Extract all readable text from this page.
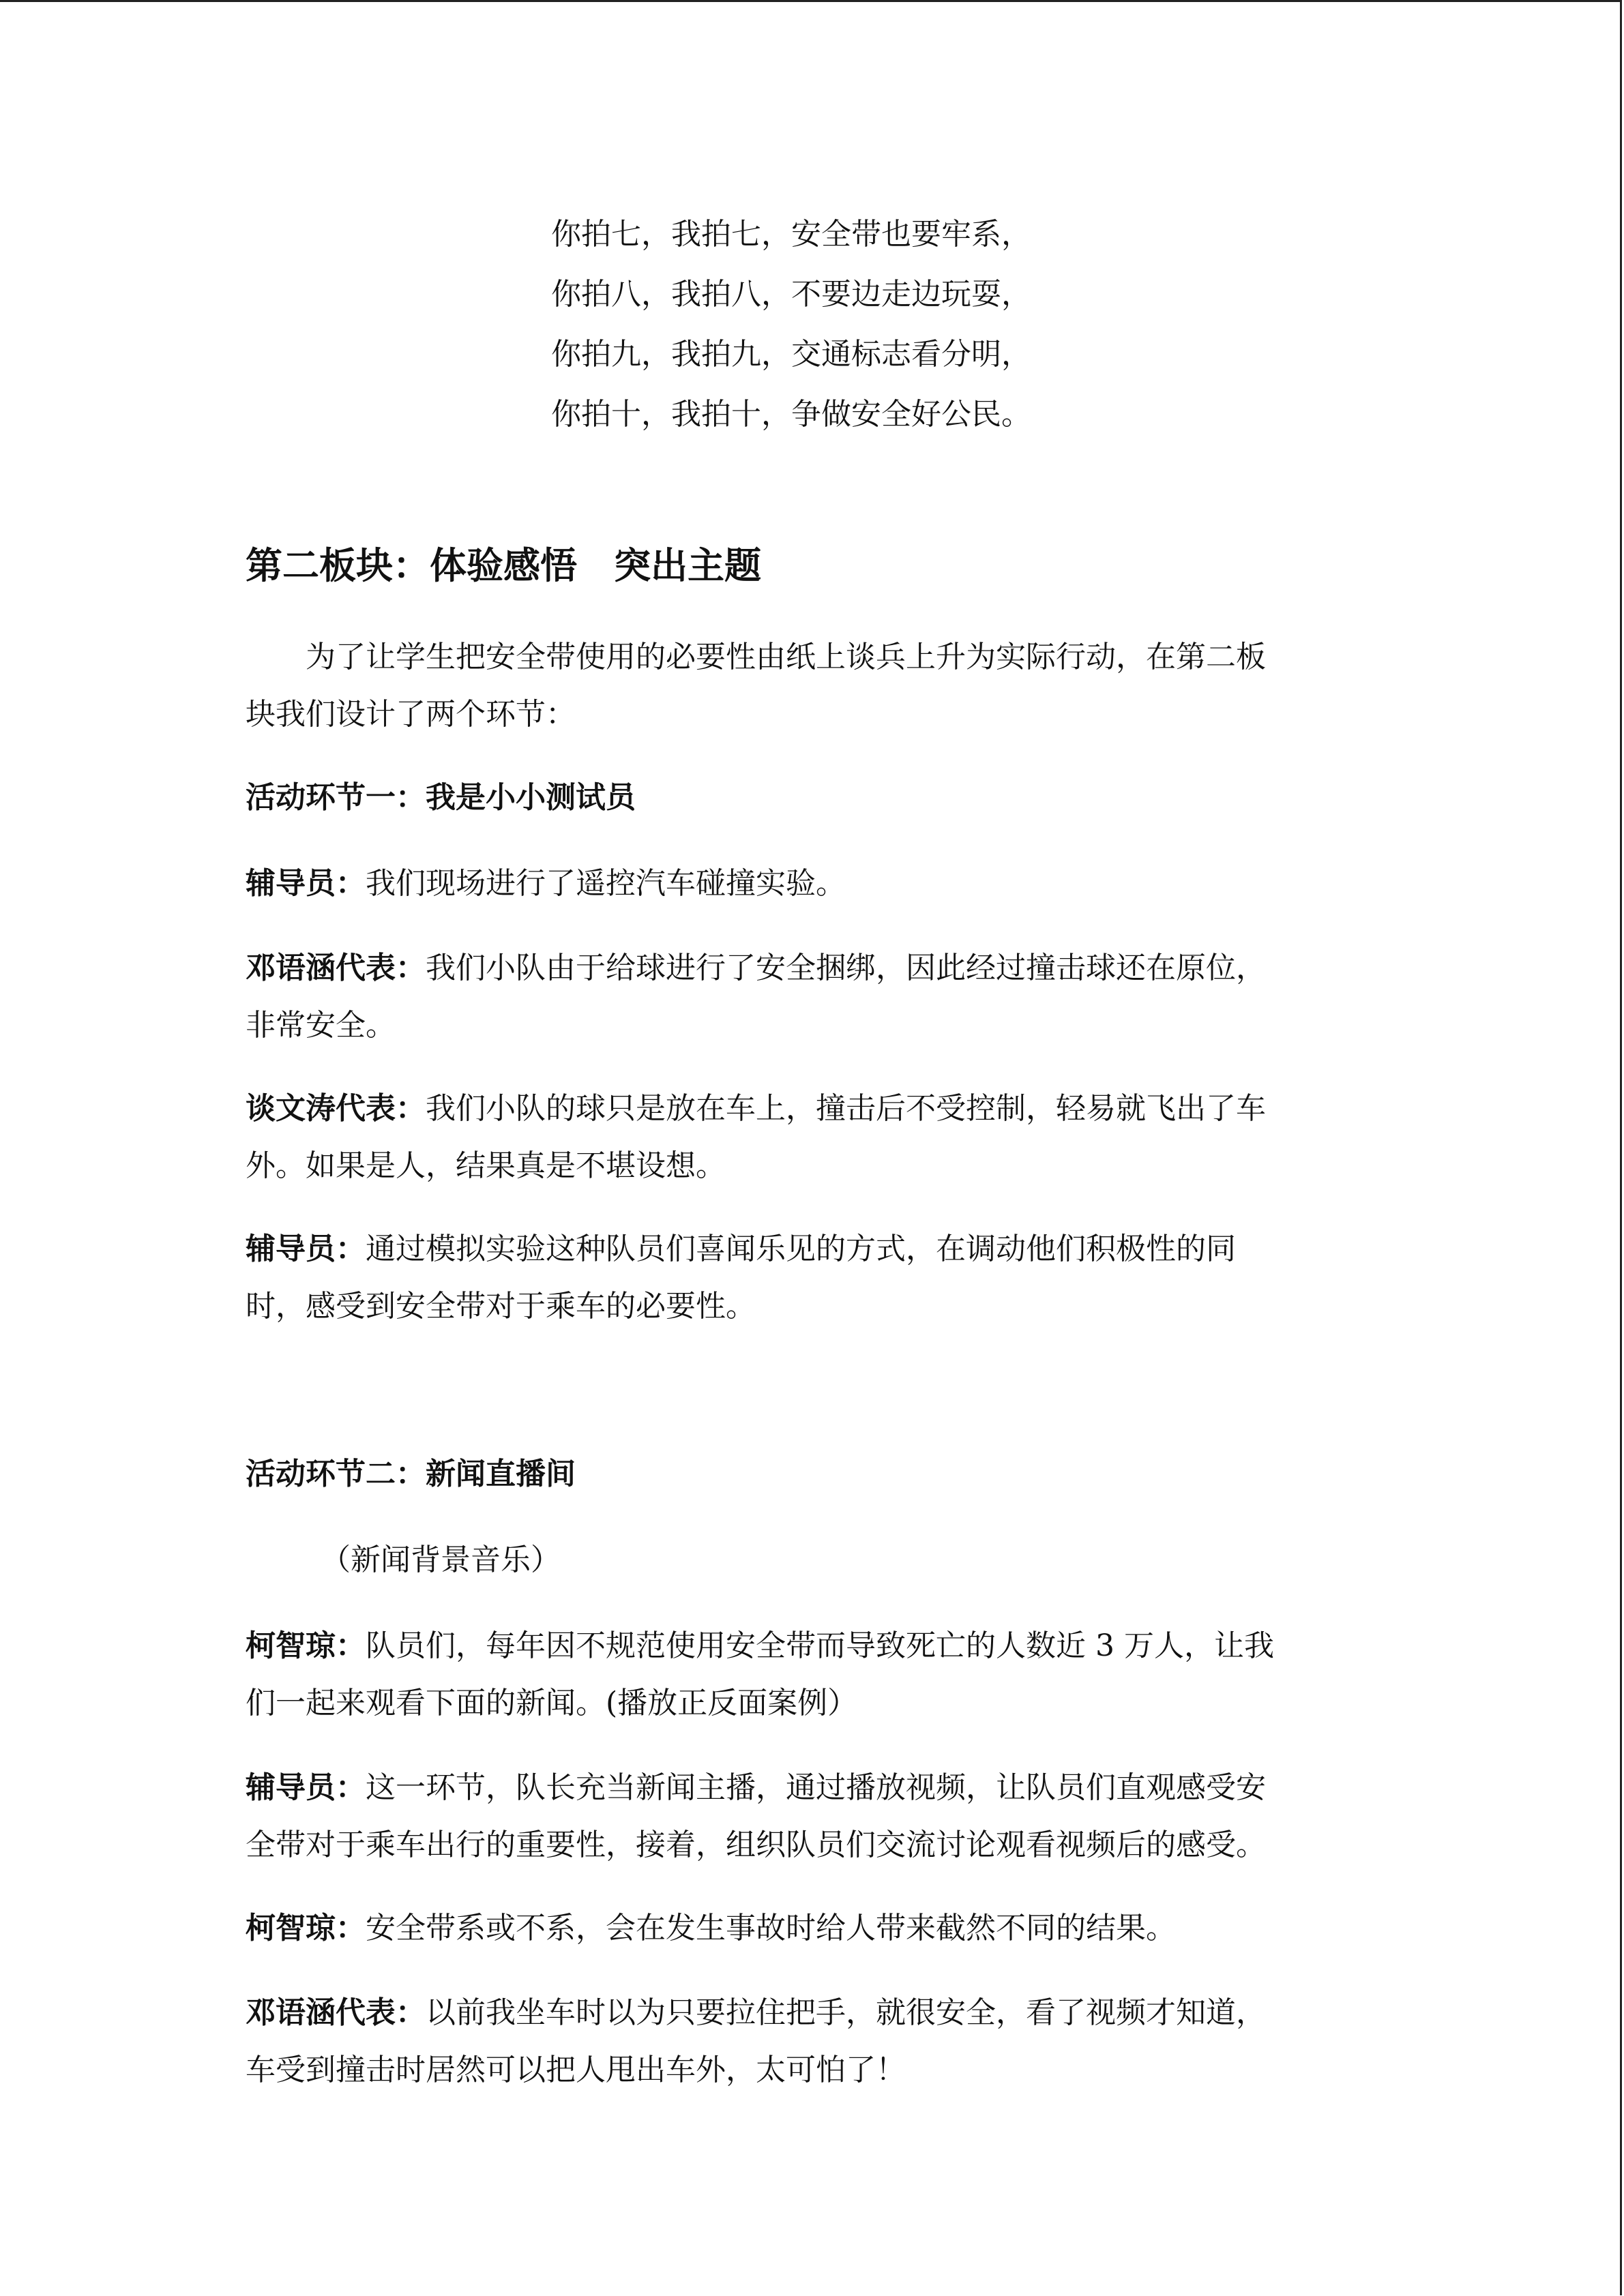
你拍七，我拍七，安全带也要牢系，
你拍八，我拍八，不要边走边玩耍，
你拍九，我拍九，交通标志看分明，
你拍十，我拍十，争做安全好公民。
第二板块：体验感悟　突出主题
为了让学生把安全带使用的必要性由纸上谈兵上升为实际行动，在第二板
块我们设计了两个环节：
活动环节一：我是小小测试员
辅导员：我们现场进行了遥控汽车碰撞实验。
邓语涵代表：我们小队由于给球进行了安全捆绑，因此经过撞击球还在原位，
非常安全。
谈文涛代表：我们小队的球只是放在车上，撞击后不受控制，轻易就飞出了车
外。如果是人，结果真是不堪设想。
辅导员：通过模拟实验这种队员们喜闻乐见的方式，在调动他们积极性的同
时，感受到安全带对于乘车的必要性。
活动环节二：新闻直播间
（新闻背景音乐）
柯智琼：队员们，每年因不规范使用安全带而导致死亡的人数近 3 万人，让我
们一起来观看下面的新闻。(播放正反面案例）
辅导员：这一环节，队长充当新闻主播，通过播放视频，让队员们直观感受安
全带对于乘车出行的重要性，接着，组织队员们交流讨论观看视频后的感受。
柯智琼：安全带系或不系，会在发生事故时给人带来截然不同的结果。
邓语涵代表：以前我坐车时以为只要拉住把手，就很安全，看了视频才知道，
车受到撞击时居然可以把人甩出车外，太可怕了！
